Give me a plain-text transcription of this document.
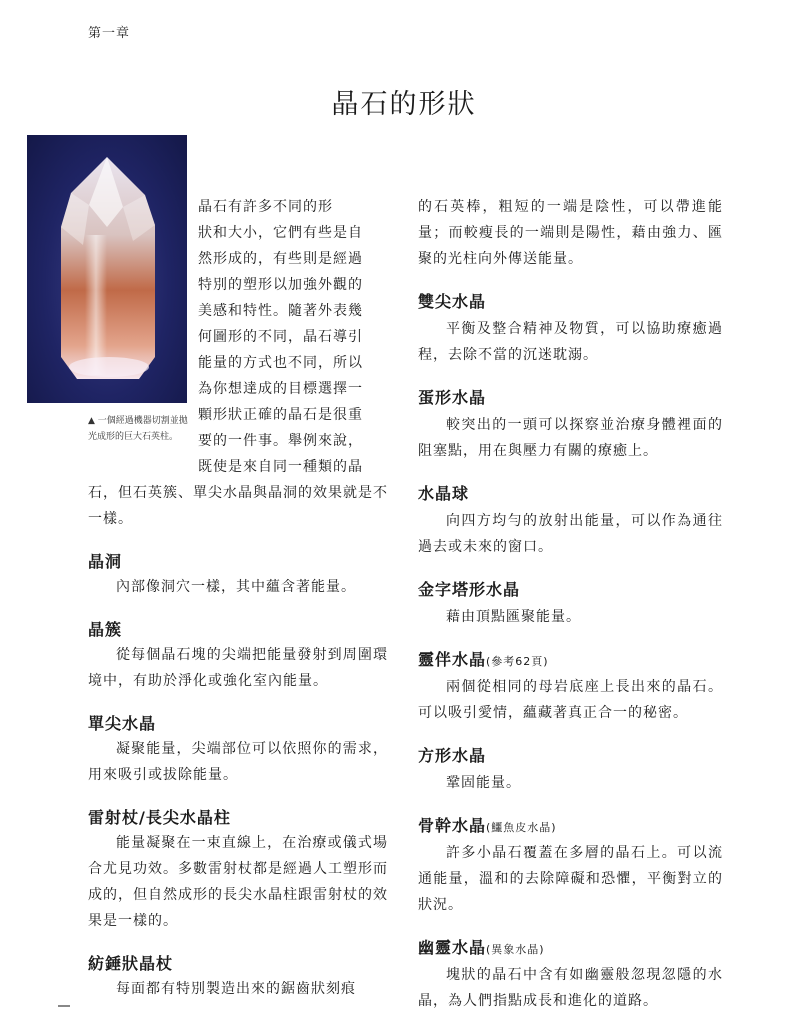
第一章
晶石的形狀
▲ 一個經過機器切割並拋光成形的巨大石英柱。
晶石有許多不同的形
狀和大小，它們有些是自
然形成的，有些則是經過
特別的塑形以加強外觀的
美感和特性。隨著外表幾
何圖形的不同，晶石導引
能量的方式也不同，所以
為你想達成的目標選擇一
顆形狀正確的晶石是很重
要的一件事。舉例來說，
既使是來自同一種類的晶
石，但石英簇、單尖水晶與晶洞的效果就是不一樣。
晶洞
內部像洞穴一樣，其中蘊含著能量。
晶簇
從每個晶石塊的尖端把能量發射到周圍環境中，有助於淨化或強化室內能量。
單尖水晶
凝聚能量，尖端部位可以依照你的需求，用來吸引或拔除能量。
雷射杖/長尖水晶柱
能量凝聚在一束直線上，在治療或儀式場合尤見功效。多數雷射杖都是經過人工塑形而成的，但自然成形的長尖水晶柱跟雷射杖的效果是一樣的。
紡錘狀晶杖
每面都有特別製造出來的鋸齒狀刻痕
的石英棒，粗短的一端是陰性，可以帶進能量；而較瘦長的一端則是陽性，藉由強力、匯聚的光柱向外傳送能量。
雙尖水晶
平衡及整合精神及物質，可以協助療癒過程，去除不當的沉迷耽溺。
蛋形水晶
較突出的一頭可以探察並治療身體裡面的阻塞點，用在與壓力有關的療癒上。
水晶球
向四方均勻的放射出能量，可以作為通往過去或未來的窗口。
金字塔形水晶
藉由頂點匯聚能量。
靈伴水晶(參考62頁)
兩個從相同的母岩底座上長出來的晶石。可以吸引愛情，蘊藏著真正合一的秘密。
方形水晶
鞏固能量。
骨幹水晶(鱷魚皮水晶)
許多小晶石覆蓋在多層的晶石上。可以流通能量，溫和的去除障礙和恐懼，平衡對立的狀況。
幽靈水晶(異象水晶)
塊狀的晶石中含有如幽靈般忽現忽隱的水晶，為人們指點成長和進化的道路。
